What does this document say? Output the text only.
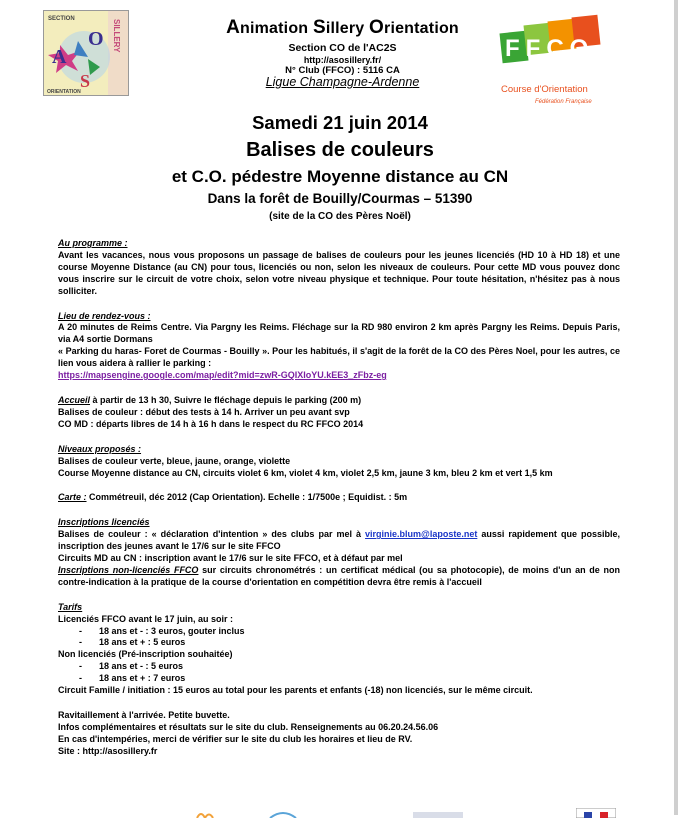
SECTION
ORIENTATION
A
O
S
SILLERY	FFCO
Course d'Orientation
Fédération Française
Animation Sillery Orientation
Section CO de l'AC2S
http://asosillery.fr/
N° Club (FFCO) : 5116 CA
Ligue Champagne-Ardenne
Samedi 21 juin 2014
Balises de couleurs
et C.O. pédestre Moyenne distance au CN
Dans la forêt de Bouilly/Courmas – 51390
(site de la CO des Pères Noël)

Au programme :

Avant les vacances, nous vous proposons un passage de balises de couleurs pour les jeunes licenciés (HD 10 à HD 18) et une course Moyenne Distance (au CN) pour tous, licenciés ou non, selon les niveaux de couleurs. Pour cette MD vous pouvez donc vous inscrire sur le circuit de votre choix, selon votre niveau physique et technique. Pour toute hésitation, n'hésitez pas à nous solliciter.

Lieu de rendez-vous :

A 20 minutes de Reims Centre. Via Pargny les Reims. Fléchage sur la RD 980 environ 2 km après Pargny les Reims. Depuis Paris, via A4 sortie Dormans

« Parking du haras- Foret de Courmas - Bouilly ». Pour les habitués, il s'agit de la forêt de la CO des Pères Noel, pour les autres, ce lien vous aidera à rallier le parking :

https://mapsengine.google.com/map/edit?mid=zwR-GQIXIoYU.kEE3_zFbz-eg

Accueil à partir de 13 h 30, Suivre le fléchage depuis le parking (200 m)

Balises de couleur : début des tests à 14 h. Arriver un peu avant svp

CO MD : départs libres de 14 h à 16 h dans le respect du RC FFCO 2014

Niveaux proposés :

Balises de couleur verte, bleue, jaune, orange, violette

Course Moyenne distance au CN, circuits violet 6 km, violet 4 km, violet 2,5 km, jaune 3 km, bleu 2 km et vert 1,5 km

Carte : Commétreuil, déc 2012 (Cap Orientation). Echelle : 1/7500e ; Equidist. : 5m

Inscriptions licenciés

Balises de couleur : « déclaration d'intention » des clubs par mel à virginie.blum@laposte.net aussi rapidement que possible, inscription des jeunes avant le 17/6 sur le site FFCO

Circuits MD au CN : inscription avant le 17/6 sur le site FFCO, et à défaut par mel

Inscriptions non-licenciés FFCO sur circuits chronométrés : un certificat médical (ou sa photocopie), de moins d'un an de non contre-indication à la pratique de la course d'orientation en compétition devra être remis à l'accueil

Tarifs

Licenciés FFCO avant le 17 juin, au soir :

- 18 ans et - : 3 euros, gouter inclus

- 18 ans et + : 5 euros

Non licenciés (Pré-inscription souhaitée)

- 18 ans et - : 5 euros

- 18 ans et + : 7 euros

Circuit Famille / initiation : 15 euros au total pour les parents et enfants (-18) non licenciés, sur le même circuit.

Ravitaillement à l'arrivée. Petite buvette.

Infos complémentaires et résultats sur le site du club. Renseignements au 06.20.24.56.06

En cas d'intempéries, merci de vérifier sur le site du club les horaires et lieu de RV.

Site : http://asosillery.fr
